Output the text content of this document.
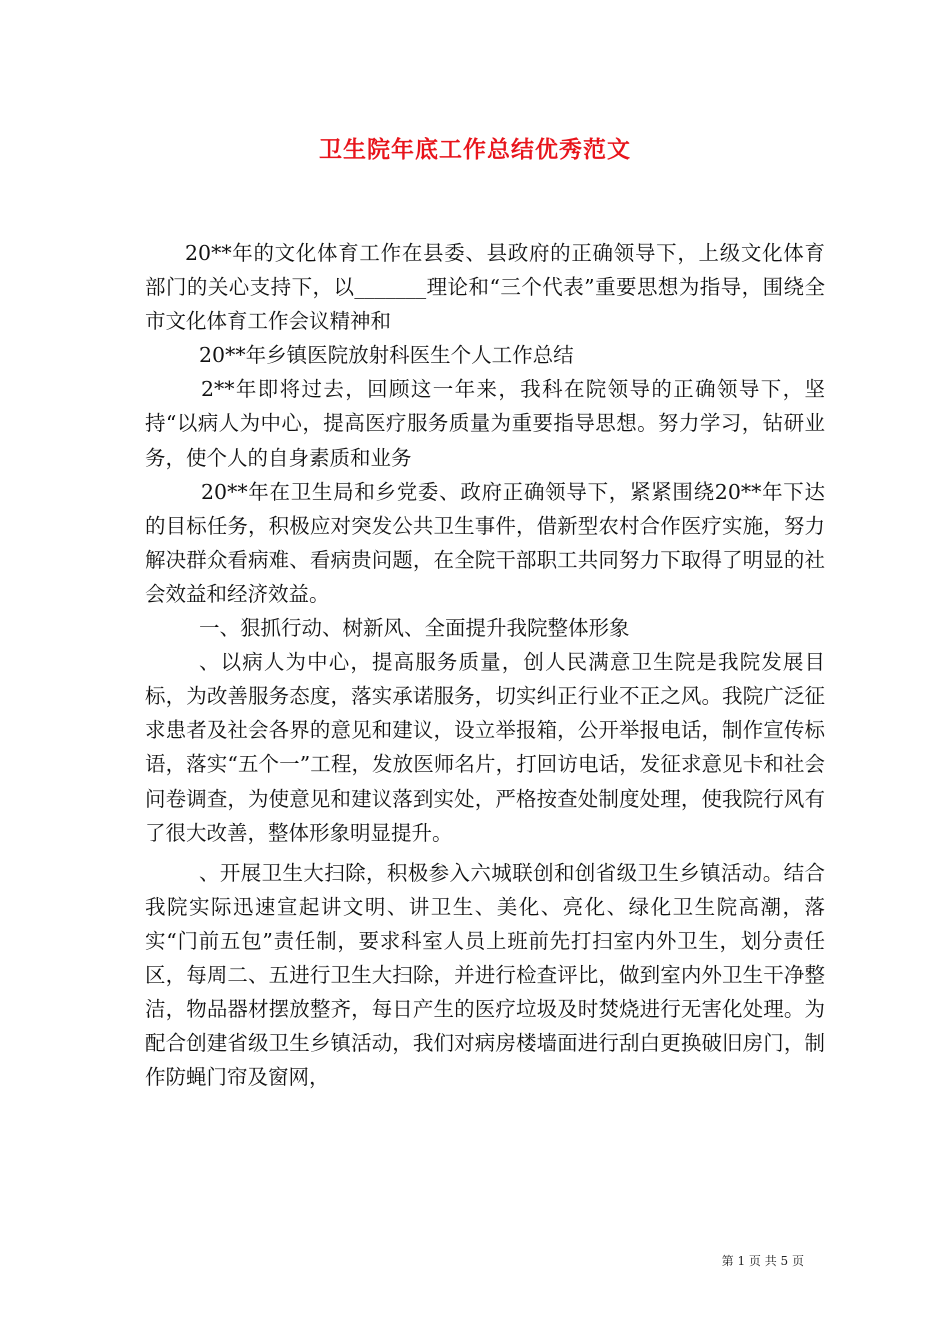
卫生院年底工作总结优秀范文

20**年的文化体育工作在县委、县政府的正确领导下，上级文化体育部门的关心支持下，以_______理论和“三个代表”重要思想为指导，围绕全市文化体育工作会议精神和

20**年乡镇医院放射科医生个人工作总结

2**年即将过去，回顾这一年来，我科在院领导的正确领导下，坚持“以病人为中心，提高医疗服务质量为重要指导思想。努力学习，钻研业务，使个人的自身素质和业务

20**年在卫生局和乡党委、政府正确领导下，紧紧围绕20**年下达的目标任务，积极应对突发公共卫生事件，借新型农村合作医疗实施，努力解决群众看病难、看病贵问题，在全院干部职工共同努力下取得了明显的社会效益和经济效益。

一、狠抓行动、树新风、全面提升我院整体形象

、以病人为中心，提高服务质量，创人民满意卫生院是我院发展目标，为改善服务态度，落实承诺服务，切实纠正行业不正之风。我院广泛征求患者及社会各界的意见和建议，设立举报箱，公开举报电话，制作宣传标语，落实“五个一”工程，发放医师名片，打回访电话，发征求意见卡和社会问卷调查，为使意见和建议落到实处，严格按查处制度处理，使我院行风有了很大改善，整体形象明显提升。

、开展卫生大扫除，积极参入六城联创和创省级卫生乡镇活动。结合我院实际迅速宣起讲文明、讲卫生、美化、亮化、绿化卫生院高潮，落实“门前五包”责任制，要求科室人员上班前先打扫室内外卫生，划分责任区，每周二、五进行卫生大扫除，并进行检查评比，做到室内外卫生干净整洁，物品器材摆放整齐，每日产生的医疗垃圾及时焚烧进行无害化处理。为配合创建省级卫生乡镇活动，我们对病房楼墙面进行刮白更换破旧房门，制作防蝇门帘及窗网，

第 1 页 共 5 页
